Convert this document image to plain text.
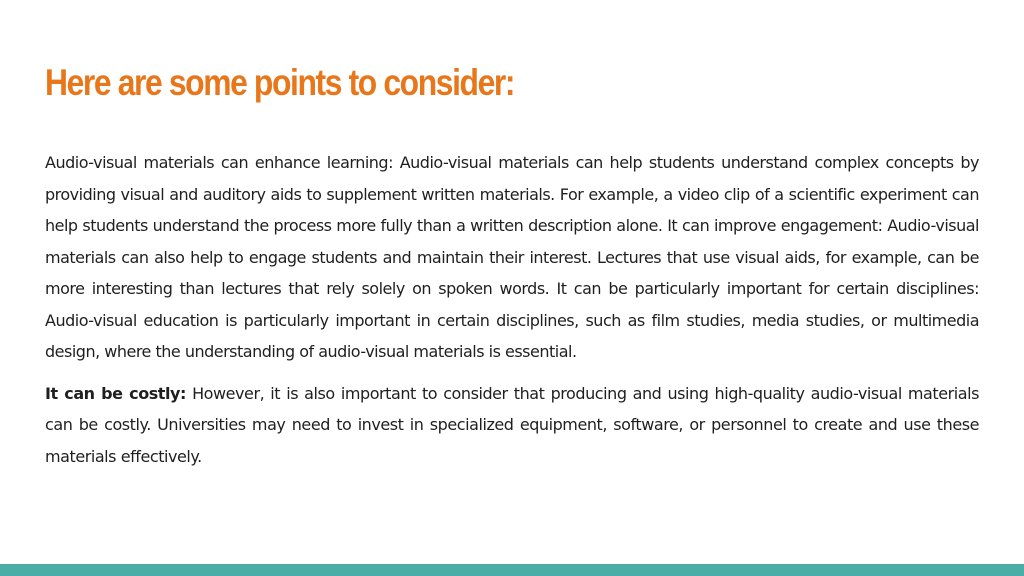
Here are some points to consider:

Audio-visual materials can enhance learning: Audio-visual materials can help students understand complex concepts by providing visual and auditory aids to supplement written materials. For example, a video clip of a scientific experiment can help students understand the process more fully than a written description alone. It can improve engagement: Audio-visual materials can also help to engage students and maintain their interest. Lectures that use visual aids, for example, can be more interesting than lectures that rely solely on spoken words. It can be particularly important for certain disciplines: Audio-visual education is particularly important in certain disciplines, such as film studies, media studies, or multimedia design, where the understanding of audio-visual materials is essential.

It can be costly: However, it is also important to consider that producing and using high-quality audio-visual materials can be costly. Universities may need to invest in specialized equipment, software, or personnel to create and use these materials effectively.
